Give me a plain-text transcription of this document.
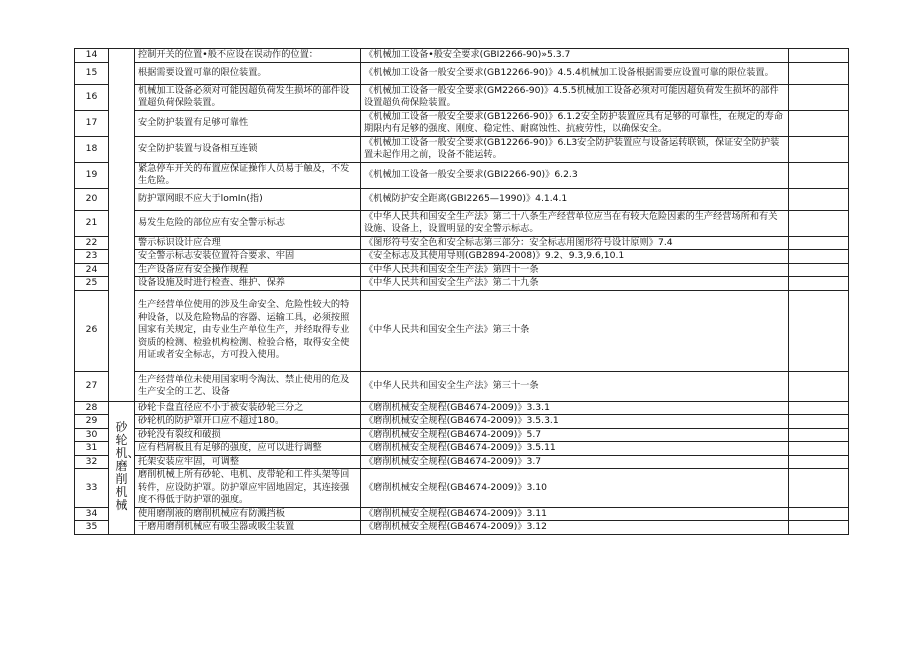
14		控制开关的位置•般不应设在误动作的位置：	《机械加工设备•般安全要求(GBI2266-90)»5.3.7	
15		根据需要设置可靠的限位装置。	《机械加工设备一般安全要求(GB12266-90)》4.5.4机械加工设备根据需要应设置可靠的限位装置。	
16		机械加工设备必须对可能因超负荷发生损坏的部件设置超负荷保险装置。	《机械加工设备一般安全要求(GM2266-90)》4.5.5机械加工设备必须对可能因超负荷发生损坏的部件设置超负荷保险装置。	
17		安全防护装置有足够可靠性	《机械加工设备一般安全要求(GB12266-90)》6.1.2安全防护装置应具有足够的可靠性，在规定的寿命期限内有足够的强度、刚度、稳定性、耐腐蚀性、抗疲劳性，以确保安全。	
18		安全防护装置与设备相互连锁	《机械加工设备一般安全要求(GB12266-90)》6.L3安全防护装置应与设备运转联锁，保证安全防护装置未起作用之前，设备不能运转。	
19		紧急停车开关的布置应保证操作人员易于触及，不发生危险。	《机械加工设备一般安全要求(GBI2266-90)》6.2.3	
20		防护罩网眼不应大于lomIn(指)	《机械防护安全距离(GBI2265—1990)》4.1.4.1	
21		易发生危险的部位应有安全警示标志	《中华人民共和国安全生产法》第二十八条生产经营单位应当在有较大危险因素的生产经营场所和有关设施、设备上，设置明显的安全警示标志。	
22		警示标识设计应合理	《图形符号安全色和安全标志第三部分：安全标志用图形符号设计原则》7.4	
23		安全警示标志安装位置符合要求、牢固	《安全标志及其使用导则(GB2894-2008)》9.2、9.3,9.6,10.1	
24		生产设备应有安全操作规程	《中华人民共和国安全生产法》第四十一条	
25		设备设施及时进行检查、维护、保养	《中华人民共和国安全生产法》第二十九条	
26		生产经营单位使用的涉及生命安全、危险性较大的特种设备，以及危险物品的容器、运输工具，必须按照国家有关规定，由专业生产单位生产，并经取得专业资质的检测、检验机构检测、检验合格，取得安全使用证或者安全标志，方可投入使用。	《中华人民共和国安全生产法》第三十条	
27		生产经营单位未使用国家明令淘汰、禁止使用的危及生产安全的工艺、设备	《中华人民共和国安全生产法》第三十一条	
28	砂轮机、磨削机械	砂轮卡盘直径应不小于被安装砂轮三分之	《磨削机械安全规程(GB4674-2009)》3.3.1	
29		砂轮机的防护罩开口应不超过180。	《磨削机械安全规程(GB4674-2009)》3.5.3.1	
30		砂轮没有裂纹和破损	《磨削机械安全规程(GB4674-2009)》5.7	
31		应有档屑板且有足够的强度，应可以进行调整	《磨削机械安全规程(GB4674-2009)》3.5.11	
32		托架安装应牢固，可调整	《磨削机械安全规程(GB4674-2009)》3.7	
33		磨削机械上所有砂轮、电机、皮带轮和工件头架等回转件，应设防护罩。防护罩应牢固地固定，其连接强度不得低于防护罩的强度。	《磨削机械安全规程(GB4674-2009)》3.10	
34		使用磨削液的磨削机械应有防溅挡板	《磨削机械安全规程(GB4674-2009)》3.11	
35		干磨用磨削机械应有吸尘器或吸尘装置	《磨削机械安全规程(GB4674-2009)》3.12	
